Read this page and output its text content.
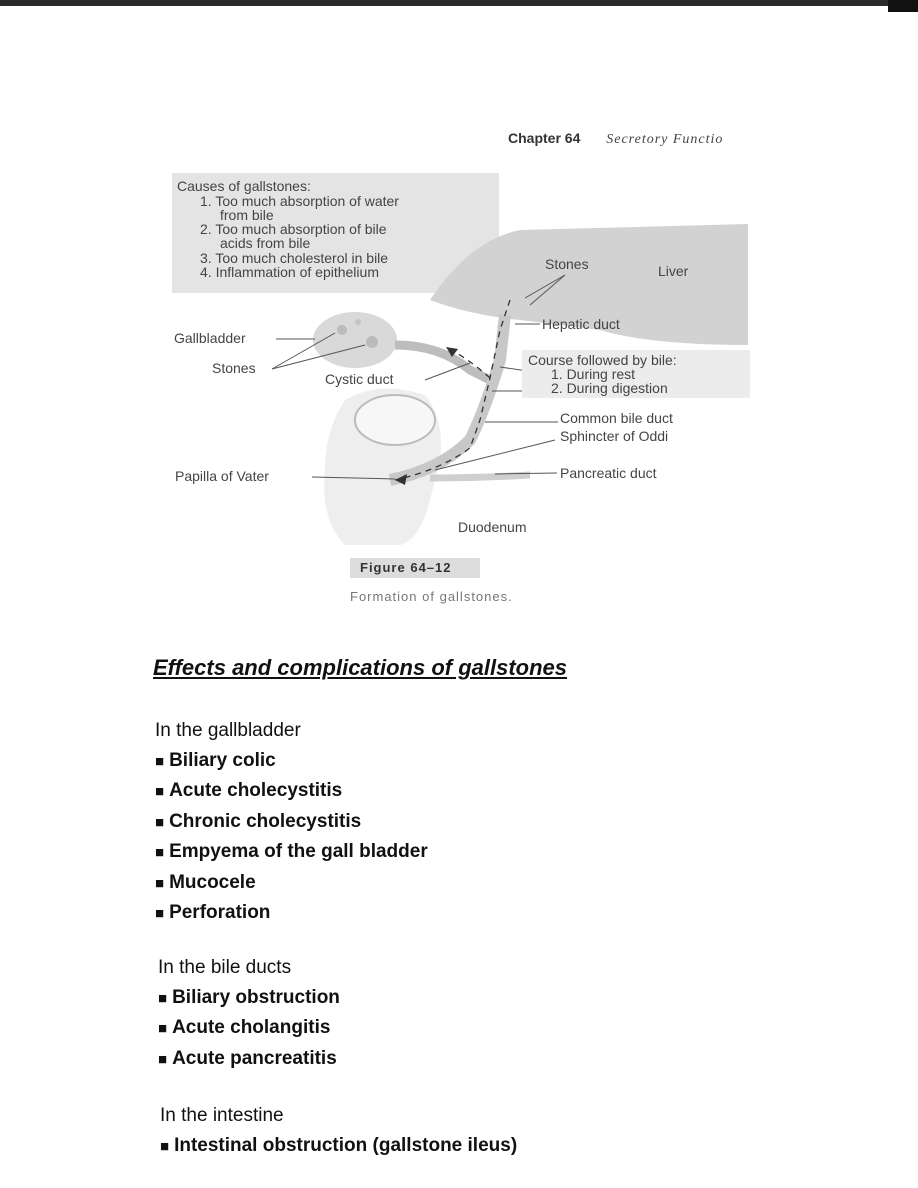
Chapter 64 Secretory Functio
Causes of gallstones:
1. Too much absorption of water
from bile
2. Too much absorption of bile
acids from bile
3. Too much cholesterol in bile
4. Inflammation of epithelium	Stones	Liver
Hepatic duct
Gallbladder
Stones
Cystic duct
Course followed by bile:
1. During rest
2. During digestion
Common bile duct
Sphincter of Oddi
Papilla of Vater	Pancreatic duct
Duodenum
Figure 64–12
Formation of gallstones.
Effects and complications of gallstones
In the gallbladder
■ Biliary colic
■ Acute cholecystitis
■ Chronic cholecystitis
■ Empyema of the gall bladder
■ Mucocele
■ Perforation
In the bile ducts
■ Biliary obstruction
■ Acute cholangitis
■ Acute pancreatitis
In the intestine
■ Intestinal obstruction (gallstone ileus)
